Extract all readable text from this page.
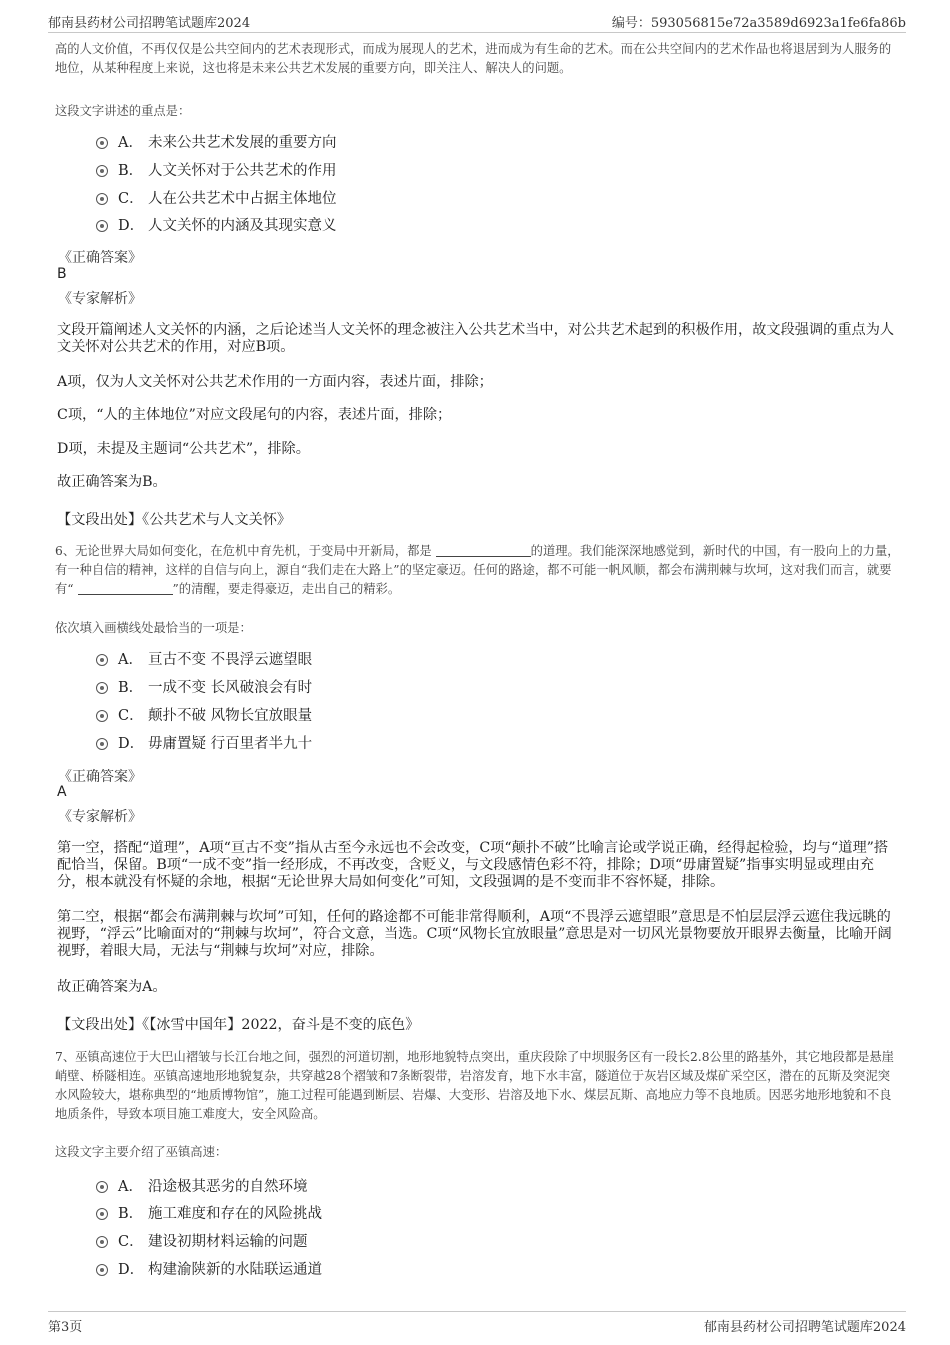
郁南县药材公司招聘笔试题库2024	编号：593056815e72a3589d6923a1fe6fa86b

高的人文价值，不再仅仅是公共空间内的艺术表现形式，而成为展现人的艺术，进而成为有生命的艺术。而在公共空间内的艺术作品也将退居到为人服务的地位，从某种程度上来说，这也将是未来公共艺术发展的重要方向，即关注人、解决人的问题。

这段文字讲述的重点是：
A． 未来公共艺术发展的重要方向
B． 人文关怀对于公共艺术的作用
C． 人在公共艺术中占据主体地位
D． 人文关怀的内涵及其现实意义
《正确答案》
B
《专家解析》

文段开篇阐述人文关怀的内涵，之后论述当人文关怀的理念被注入公共艺术当中，对公共艺术起到的积极作用，故文段强调的重点为人文关怀对公共艺术的作用，对应B项。

A项，仅为人文关怀对公共艺术作用的一方面内容，表述片面，排除；

C项，“人的主体地位”对应文段尾句的内容，表述片面，排除；

D项，未提及主题词“公共艺术”，排除。

故正确答案为B。

【文段出处】《公共艺术与人文关怀》

6、无论世界大局如何变化，在危机中育先机，于变局中开新局，都是	的道理。我们能深深地感觉到，新时代的中国，有一股向上的力量，有一种自信的精神，这样的自信与向上，源自“我们走在大路上”的坚定豪迈。任何的路途，都不可能一帆风顺，都会布满荆棘与坎坷，这对我们而言，就要有“	”的清醒，要走得豪迈，走出自己的精彩。

依次填入画横线处最恰当的一项是：
A． 亘古不变 不畏浮云遮望眼
B． 一成不变 长风破浪会有时
C． 颠扑不破 风物长宜放眼量
D． 毋庸置疑 行百里者半九十
《正确答案》
A
《专家解析》

第一空，搭配“道理”，A项“亘古不变”指从古至今永远也不会改变，C项“颠扑不破”比喻言论或学说正确，经得起检验，均与“道理”搭配恰当，保留。B项“一成不变”指一经形成，不再改变，含贬义，与文段感情色彩不符，排除；D项“毋庸置疑”指事实明显或理由充分，根本就没有怀疑的余地，根据“无论世界大局如何变化”可知，文段强调的是不变而非不容怀疑，排除。

第二空，根据“都会布满荆棘与坎坷”可知，任何的路途都不可能非常得顺利，A项“不畏浮云遮望眼”意思是不怕层层浮云遮住我远眺的视野，“浮云”比喻面对的“荆棘与坎坷”，符合文意，当选。C项“风物长宜放眼量”意思是对一切风光景物要放开眼界去衡量，比喻开阔视野，着眼大局，无法与“荆棘与坎坷”对应，排除。

故正确答案为A。

【文段出处】《【冰雪中国年】2022，奋斗是不变的底色》

7、巫镇高速位于大巴山褶皱与长江台地之间，强烈的河道切割，地形地貌特点突出，重庆段除了中坝服务区有一段长2.8公里的路基外，其它地段都是悬崖峭壁、桥隧相连。巫镇高速地形地貌复杂，共穿越28个褶皱和7条断裂带，岩溶发育，地下水丰富，隧道位于灰岩区域及煤矿采空区，潜在的瓦斯及突泥突水风险较大，堪称典型的“地质博物馆”，施工过程可能遇到断层、岩爆、大变形、岩溶及地下水、煤层瓦斯、高地应力等不良地质。因恶劣地形地貌和不良地质条件，导致本项目施工难度大，安全风险高。

这段文字主要介绍了巫镇高速：
A． 沿途极其恶劣的自然环境
B． 施工难度和存在的风险挑战
C． 建设初期材料运输的问题
D． 构建渝陕新的水陆联运通道
第3页	郁南县药材公司招聘笔试题库2024
